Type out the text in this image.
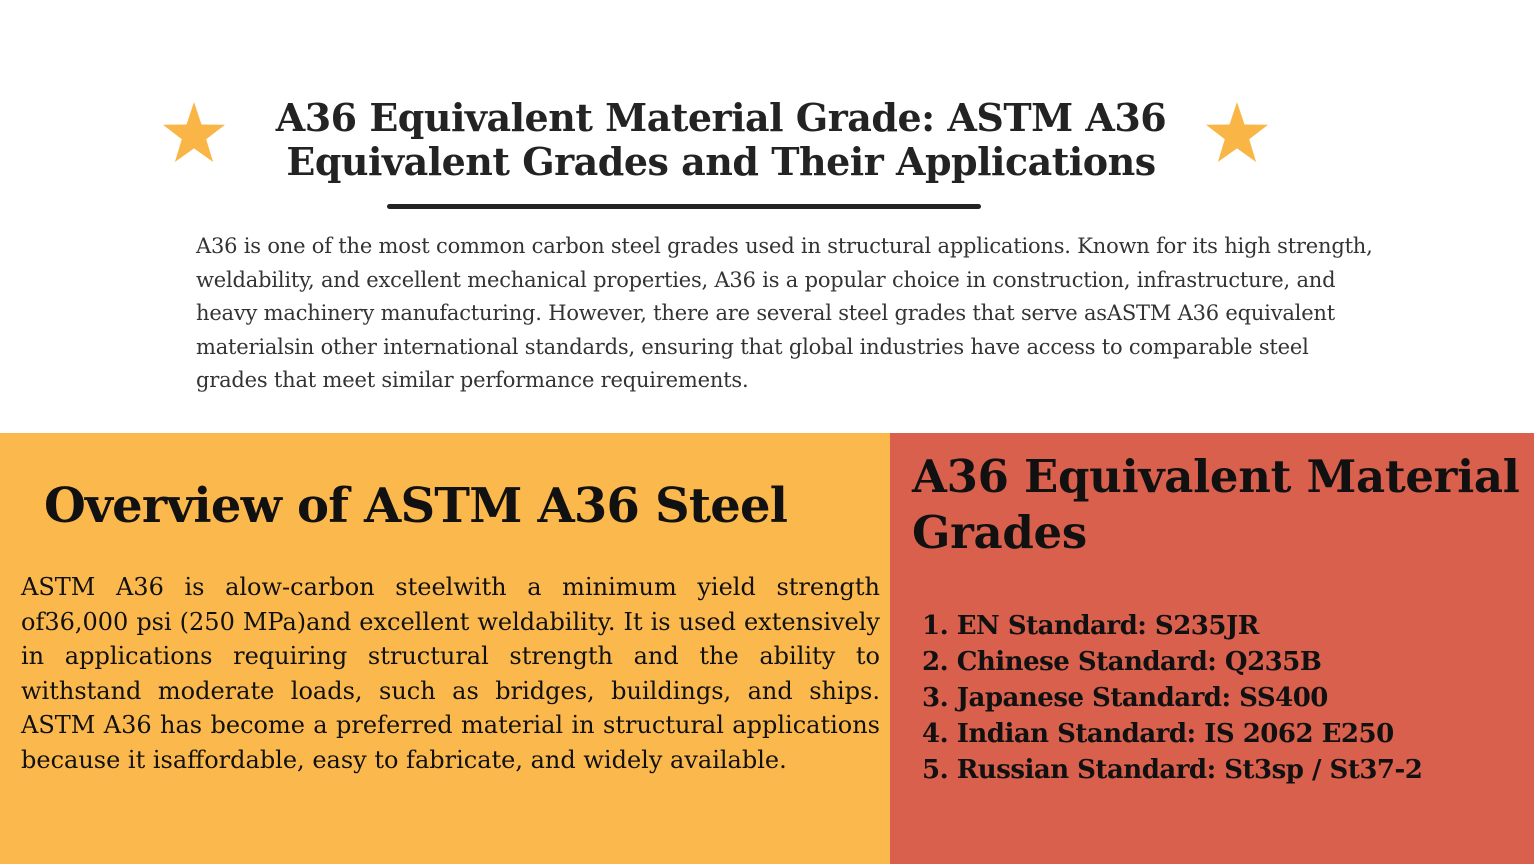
A36 Equivalent Material Grade: ASTM A36 Equivalent Grades and Their Applications

A36 is one of the most common carbon steel grades used in structural applications. Known for its high strength, weldability, and excellent mechanical properties, A36 is a popular choice in construction, infrastructure, and heavy machinery manufacturing. However, there are several steel grades that serve asASTM A36 equivalent materialsin other international standards, ensuring that global industries have access to comparable steel grades that meet similar performance requirements.

Overview of ASTM A36 Steel

ASTM A36 is alow-carbon steelwith a minimum yield strength of36,000 psi (250 MPa)and excellent weldability. It is used extensively in applications requiring structural strength and the ability to withstand moderate loads, such as bridges, buildings, and ships. ASTM A36 has become a preferred material in structural applications because it isaffordable, easy to fabricate, and widely available.

A36 Equivalent Material Grades
1. EN Standard: S235JR
2. Chinese Standard: Q235B
3. Japanese Standard: SS400
4. Indian Standard: IS 2062 E250
5. Russian Standard: St3sp / St37-2
